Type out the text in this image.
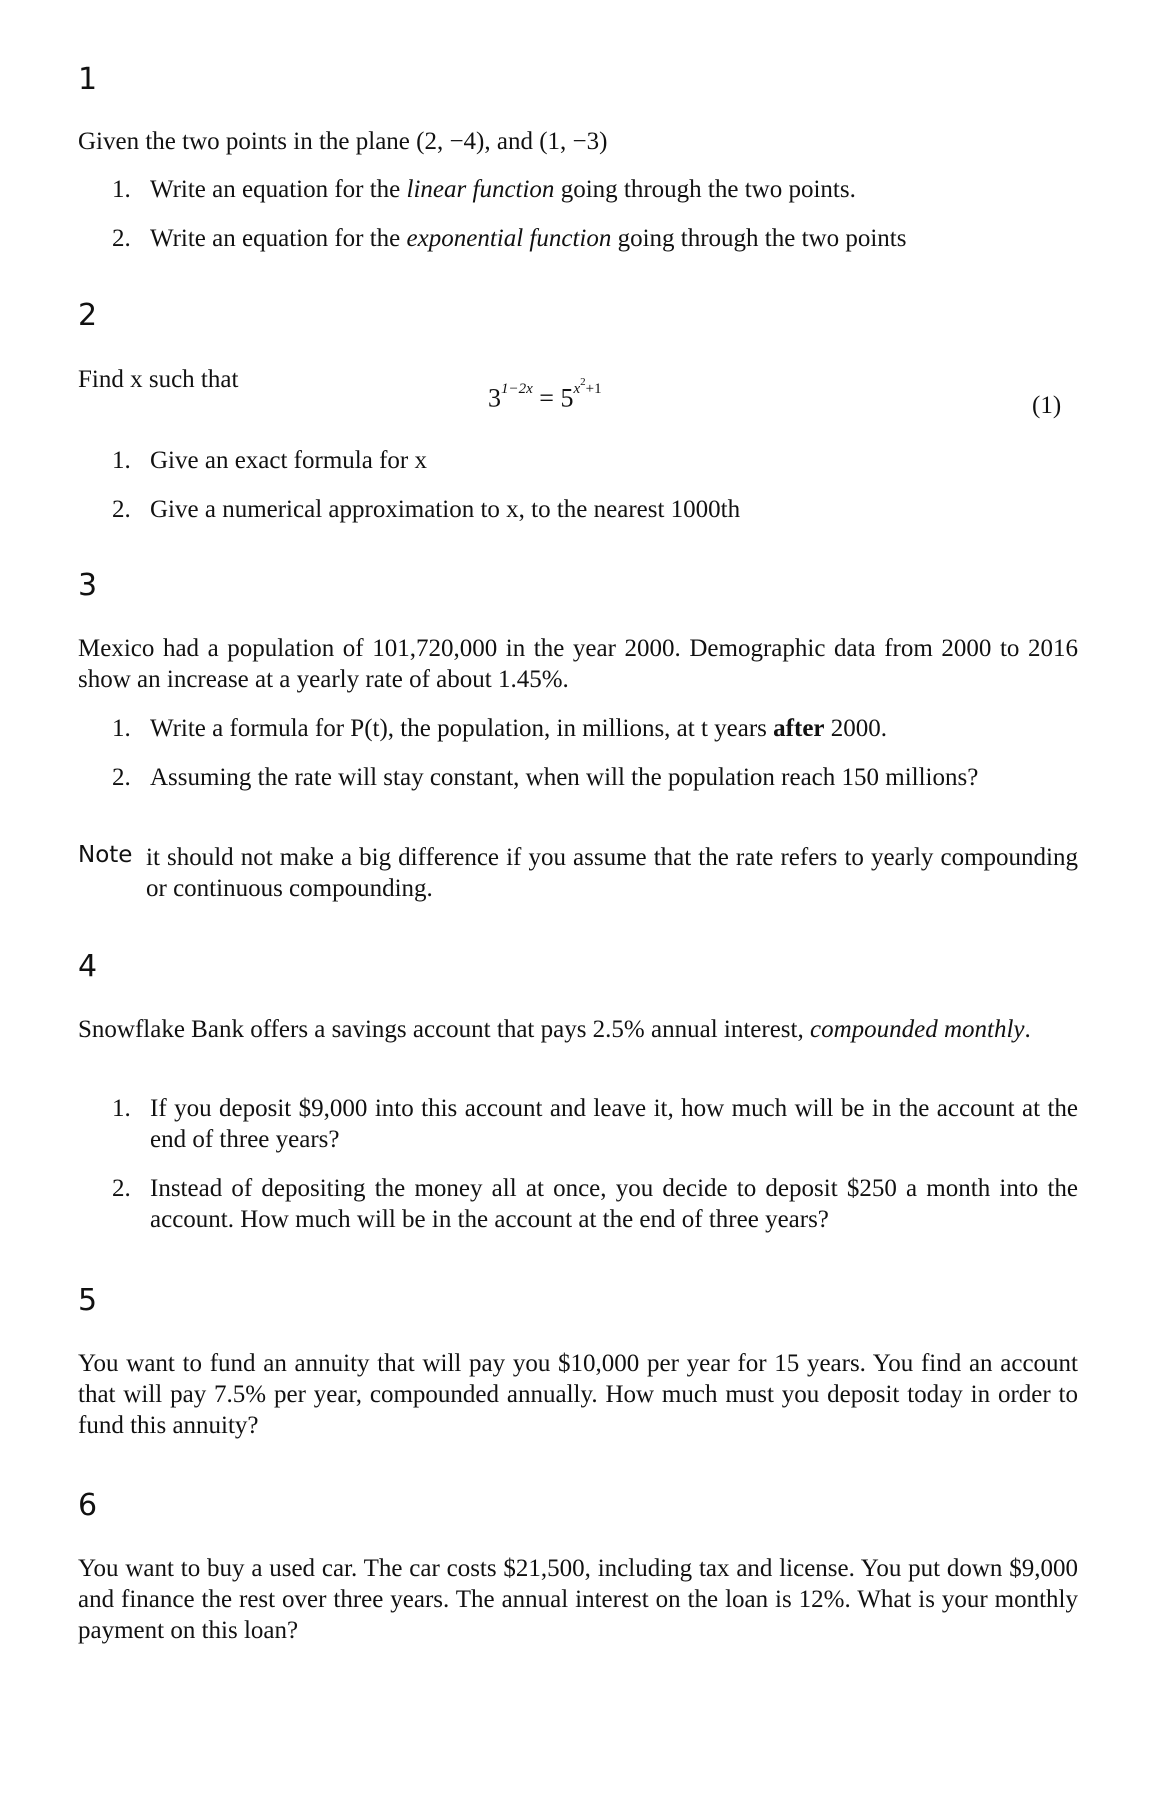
1
Given the two points in the plane (2, −4), and (1, −3)
1. Write an equation for the linear function going through the two points.
2. Write an equation for the exponential function going through the two points
2
Find x such that
$3^{1-2x} = 5^{x^2+1}$
(1)
1. Give an exact formula for x
2. Give a numerical approximation to x, to the nearest 1000th
3
Mexico had a population of 101,720,000 in the year 2000. Demographic data from 2000 to 2016 show an increase at a yearly rate of about 1.45%.
1. Write a formula for P(t), the population, in millions, at t years after 2000.
2. Assuming the rate will stay constant, when will the population reach 150 millions?
Note it should not make a big difference if you assume that the rate refers to yearly compounding or continuous compounding.
4
Snowflake Bank offers a savings account that pays 2.5% annual interest, compounded monthly.
1. If you deposit $9,000 into this account and leave it, how much will be in the account at the end of three years?
2. Instead of depositing the money all at once, you decide to deposit $250 a month into the account. How much will be in the account at the end of three years?
5
You want to fund an annuity that will pay you $10,000 per year for 15 years. You find an account that will pay 7.5% per year, compounded annually. How much must you deposit today in order to fund this annuity?
6
You want to buy a used car. The car costs $21,500, including tax and license. You put down $9,000 and finance the rest over three years. The annual interest on the loan is 12%. What is your monthly payment on this loan?
